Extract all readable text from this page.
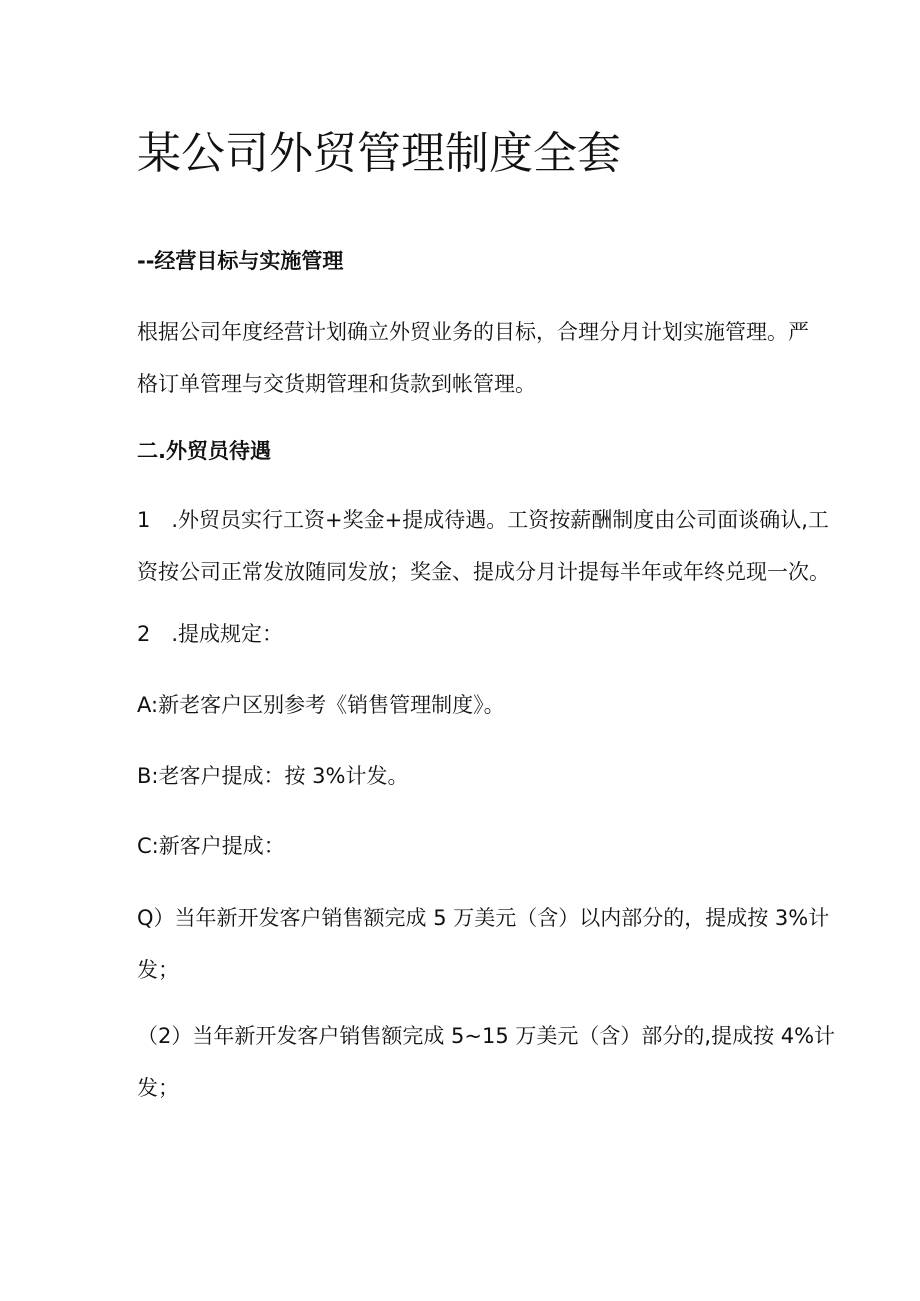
某公司外贸管理制度全套
--经营目标与实施管理
根据公司年度经营计划确立外贸业务的目标，合理分月计划实施管理。严
格订单管理与交货期管理和货款到帐管理。
二.外贸员待遇
1　.外贸员实行工资+奖金+提成待遇。工资按薪酬制度由公司面谈确认,工
资按公司正常发放随同发放；奖金、提成分月计提每半年或年终兑现一次。
2　.提成规定：
A:新老客户区别参考《销售管理制度》。
B:老客户提成：按 3%计发。
C:新客户提成：
Q）当年新开发客户销售额完成 5 万美元（含）以内部分的，提成按 3%计
发；
（2）当年新开发客户销售额完成 5~15 万美元（含）部分的,提成按 4%计
发；
